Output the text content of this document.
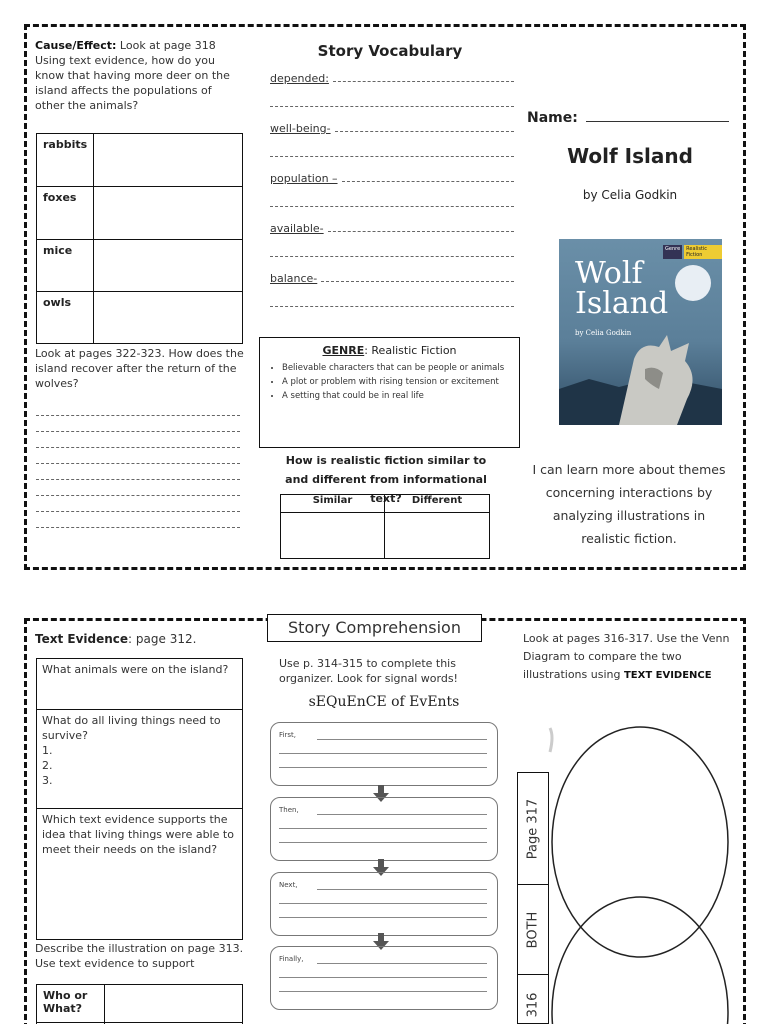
Cause/Effect: Look at page 318 Using text evidence, how do you know that having more deer on the island affects the populations of other the animals?
rabbits	
foxes	
mice	
owls	
Look at pages 322-323. How does the island recover after the return of the wolves?
Story Vocabulary
depended:
well-being-
population –
available-
balance-
GENRE: Realistic Fiction
• Believable characters that can be people or animals
• A plot or problem with rising tension or excitement
• A setting that could be in real life
How is realistic fiction similar to and different from informational text?
Similar	Different

Name:
Wolf Island
by Celia Godkin
Genre	Realistic Fiction
Wolf
Island
by Celia Godkin
I can learn more about themes concerning interactions by analyzing illustrations in realistic fiction.
Text Evidence: page 312.
What animals were on the island?
What do all living things need to survive?
1.
2.
3.
Which text evidence supports the idea that living things were able to meet their needs on the island?
Describe the illustration on page 313. Use text evidence to support
Who or What?	

Story Comprehension
Use p. 314-315 to complete this organizer. Look for signal words!
sEQuEnCE of EvEnts
First,
Then,
Next,
Finally,
Look at pages 316-317. Use the Venn Diagram to compare the two illustrations using TEXT EVIDENCE
Page 317
BOTH
316
